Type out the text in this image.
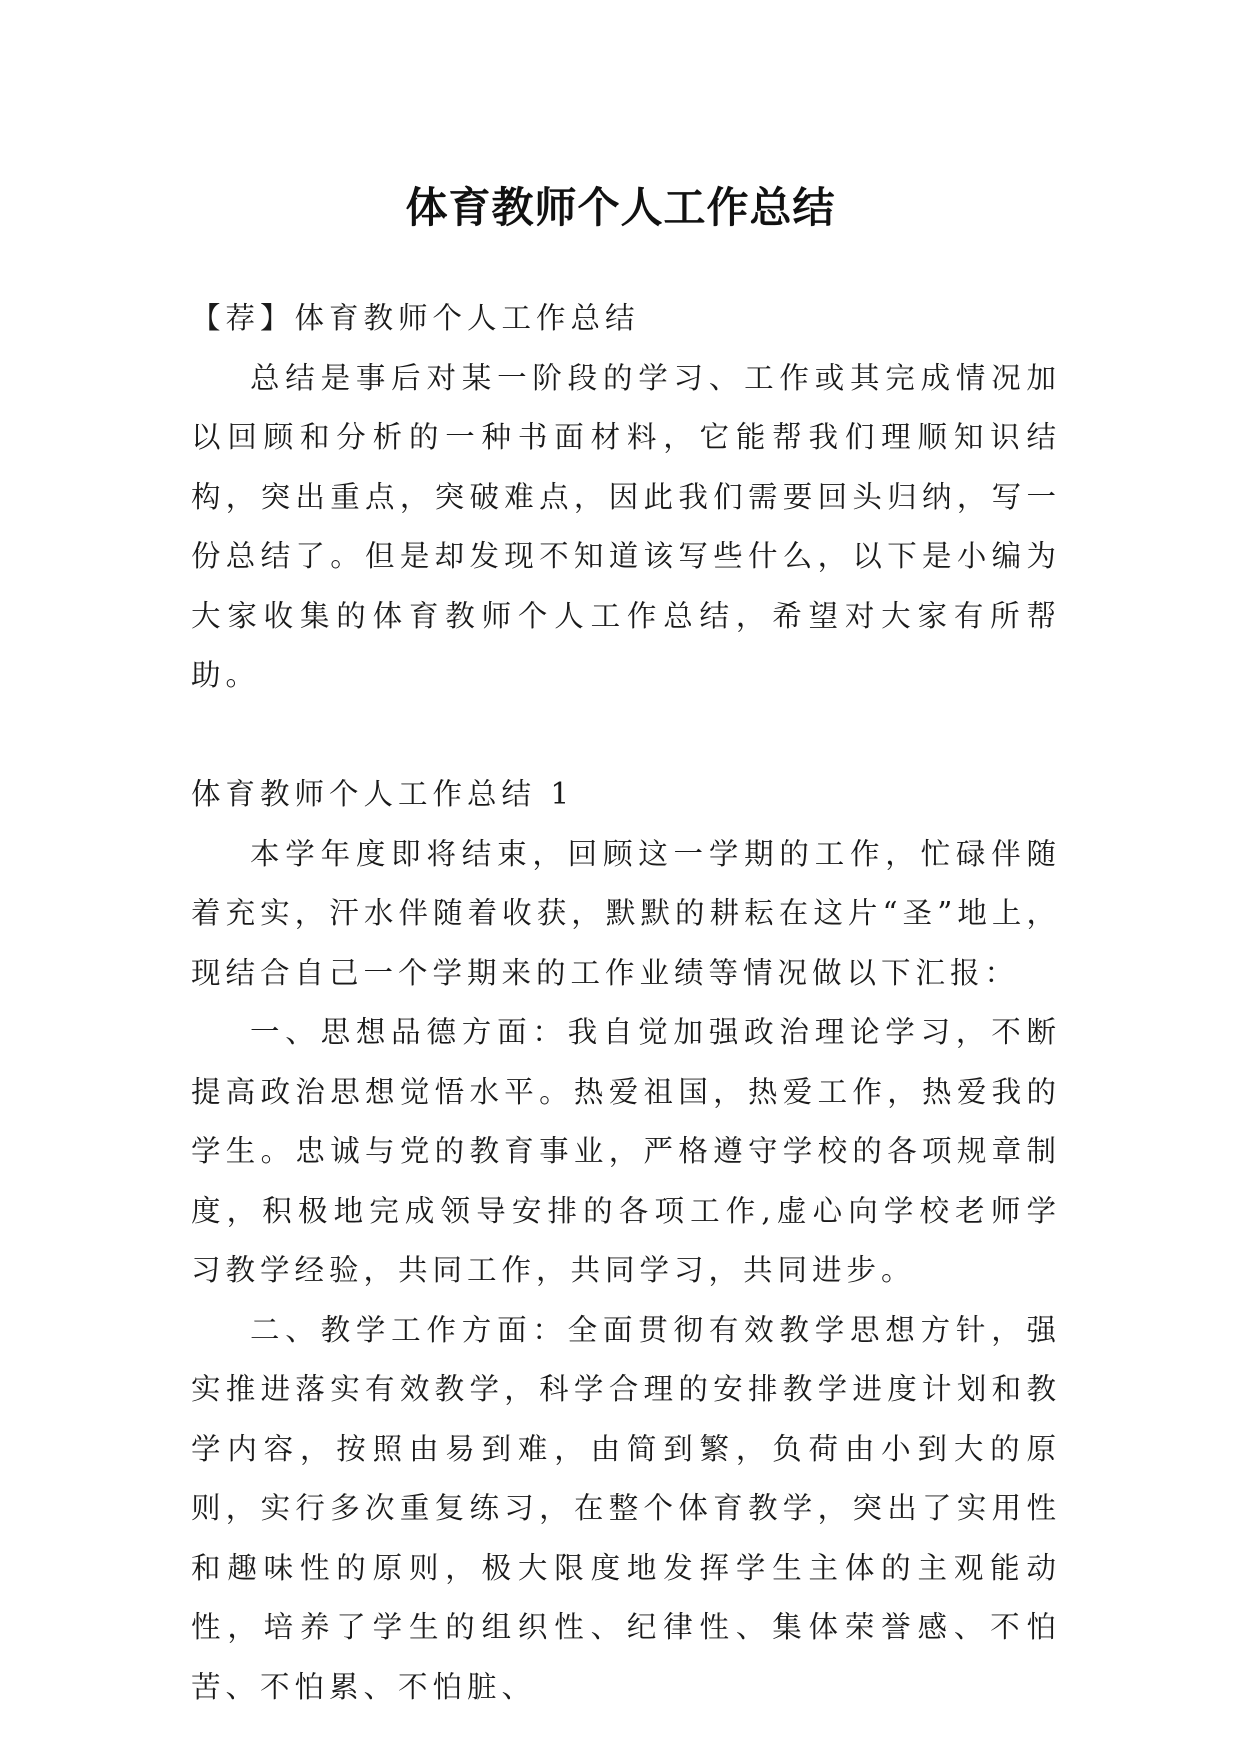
体育教师个人工作总结

【荐】体育教师个人工作总结

总结是事后对某一阶段的学习、工作或其完成情况加以回顾和分析的一种书面材料，它能帮我们理顺知识结构，突出重点，突破难点，因此我们需要回头归纳，写一份总结了。但是却发现不知道该写些什么，以下是小编为大家收集的体育教师个人工作总结，希望对大家有所帮助。

体育教师个人工作总结 1

本学年度即将结束，回顾这一学期的工作，忙碌伴随着充实，汗水伴随着收获，默默的耕耘在这片“圣”地上，现结合自己一个学期来的工作业绩等情况做以下汇报：

一、思想品德方面：我自觉加强政治理论学习，不断提高政治思想觉悟水平。热爱祖国，热爱工作，热爱我的学生。忠诚与党的教育事业，严格遵守学校的各项规章制度，积极地完成领导安排的各项工作,虚心向学校老师学习教学经验，共同工作，共同学习，共同进步。

二、教学工作方面：全面贯彻有效教学思想方针，强实推进落实有效教学，科学合理的安排教学进度计划和教学内容，按照由易到难，由简到繁，负荷由小到大的原则，实行多次重复练习，在整个体育教学，突出了实用性和趣味性的原则，极大限度地发挥学生主体的主观能动性，培养了学生的组织性、纪律性、集体荣誉感、不怕苦、不怕累、不怕脏、
